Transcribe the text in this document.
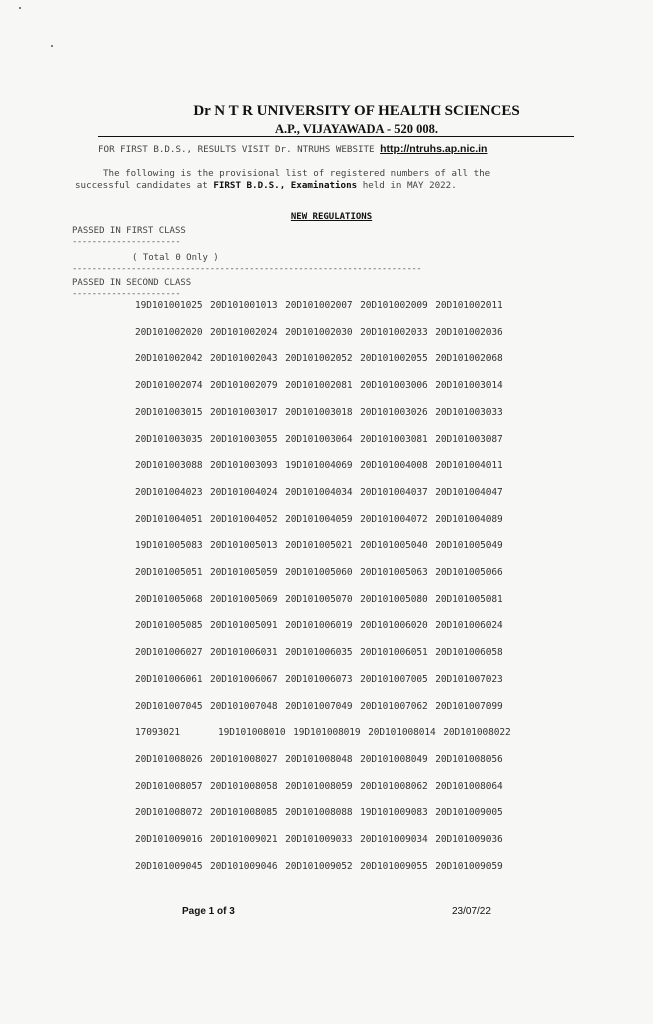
Dr N T R UNIVERSITY OF HEALTH SCIENCES
A.P., VIJAYAWADA - 520 008.
FOR FIRST B.D.S., RESULTS VISIT Dr. NTRUHS WEBSITE http://ntruhs.ap.nic.in
The following is the provisional list of registered numbers of all the
successful candidates at FIRST B.D.S., Examinations held in MAY 2022.
NEW REGULATIONS
PASSED IN FIRST CLASS
----------------------
( Total 0 Only )
-----------------------------------------------------------------------
PASSED IN SECOND CLASS
----------------------
19D101001025 20D101001013 20D101002007 20D101002009 20D101002011
20D101002020 20D101002024 20D101002030 20D101002033 20D101002036
20D101002042 20D101002043 20D101002052 20D101002055 20D101002068
20D101002074 20D101002079 20D101002081 20D101003006 20D101003014
20D101003015 20D101003017 20D101003018 20D101003026 20D101003033
20D101003035 20D101003055 20D101003064 20D101003081 20D101003087
20D101003088 20D101003093 19D101004069 20D101004008 20D101004011
20D101004023 20D101004024 20D101004034 20D101004037 20D101004047
20D101004051 20D101004052 20D101004059 20D101004072 20D101004089
19D101005083 20D101005013 20D101005021 20D101005040 20D101005049
20D101005051 20D101005059 20D101005060 20D101005063 20D101005066
20D101005068 20D101005069 20D101005070 20D101005080 20D101005081
20D101005085 20D101005091 20D101006019 20D101006020 20D101006024
20D101006027 20D101006031 20D101006035 20D101006051 20D101006058
20D101006061 20D101006067 20D101006073 20D101007005 20D101007023
20D101007045 20D101007048 20D101007049 20D101007062 20D101007099
17093021     19D101008010 19D101008019 20D101008014 20D101008022
20D101008026 20D101008027 20D101008048 20D101008049 20D101008056
20D101008057 20D101008058 20D101008059 20D101008062 20D101008064
20D101008072 20D101008085 20D101008088 19D101009083 20D101009005
20D101009016 20D101009021 20D101009033 20D101009034 20D101009036
20D101009045 20D101009046 20D101009052 20D101009055 20D101009059
Page 1 of 3	23/07/22
